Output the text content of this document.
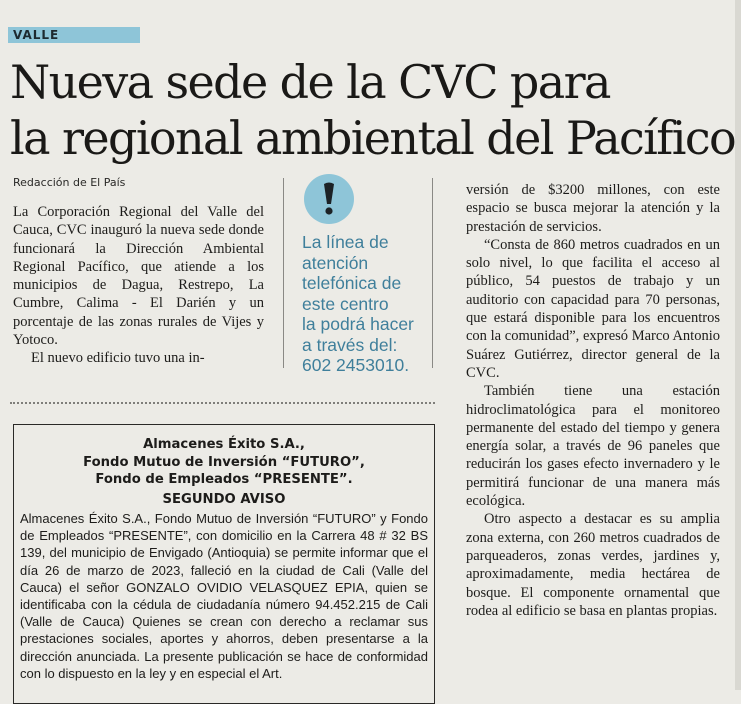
VALLE
Nueva sede de la CVC para
la regional ambiental del Pacífico
Redacción de El País

La Corporación Regional del Valle del Cauca, CVC inauguró la nueva sede donde funcionará la Dirección Ambiental Regional Pacífico, que atiende a los municipios de Dagua, Restrepo, La Cumbre, Calima - El Darién y un porcentaje de las zonas rurales de Vijes y Yotoco.

El nuevo edificio tuvo una in-

La línea de
atención
telefónica de
este centro
la podrá hacer
a través del:
602 2453010.

versión de $3200 millones, con este espacio se busca mejorar la atención y la prestación de servicios.

“Consta de 860 metros cuadrados en un solo nivel, lo que facilita el acceso al público, 54 puestos de trabajo y un auditorio con capacidad para 70 personas, que estará disponible para los encuentros con la comunidad”, expresó Marco Antonio Suárez Gutiérrez, director general de la CVC.

También tiene una estación hidroclimatológica para el monitoreo permanente del estado del tiempo y genera energía solar, a través de 96 paneles que reducirán los gases efecto invernadero y le permitirá funcionar de una manera más ecológica.

Otro aspecto a destacar es su amplia zona externa, con 260 metros cuadrados de parqueaderos, zonas verdes, jardines y, aproximadamente, media hectárea de bosque. El componente ornamental que rodea al edificio se basa en plantas propias.

Almacenes Éxito S.A.,
Fondo Mutuo de Inversión “FUTURO”,
Fondo de Empleados “PRESENTE”.
SEGUNDO AVISO

Almacenes Éxito S.A., Fondo Mutuo de Inversión “FUTURO” y Fondo de Empleados “PRESENTE”, con domicilio en la Carrera 48 # 32 BS 139, del municipio de Envigado (Antioquia) se permite informar que el día 26 de marzo de 2023, falleció en la ciudad de Cali (Valle del Cauca) el señor GONZALO OVIDIO VELASQUEZ EPIA, quien se identificaba con la cédula de ciudadanía número 94.452.215 de Cali (Valle de Cauca) Quienes se crean con derecho a reclamar sus prestaciones sociales, aportes y ahorros, deben presentarse a la dirección anunciada. La presente publicación se hace de conformidad con lo dispuesto en la ley y en especial el Art.
